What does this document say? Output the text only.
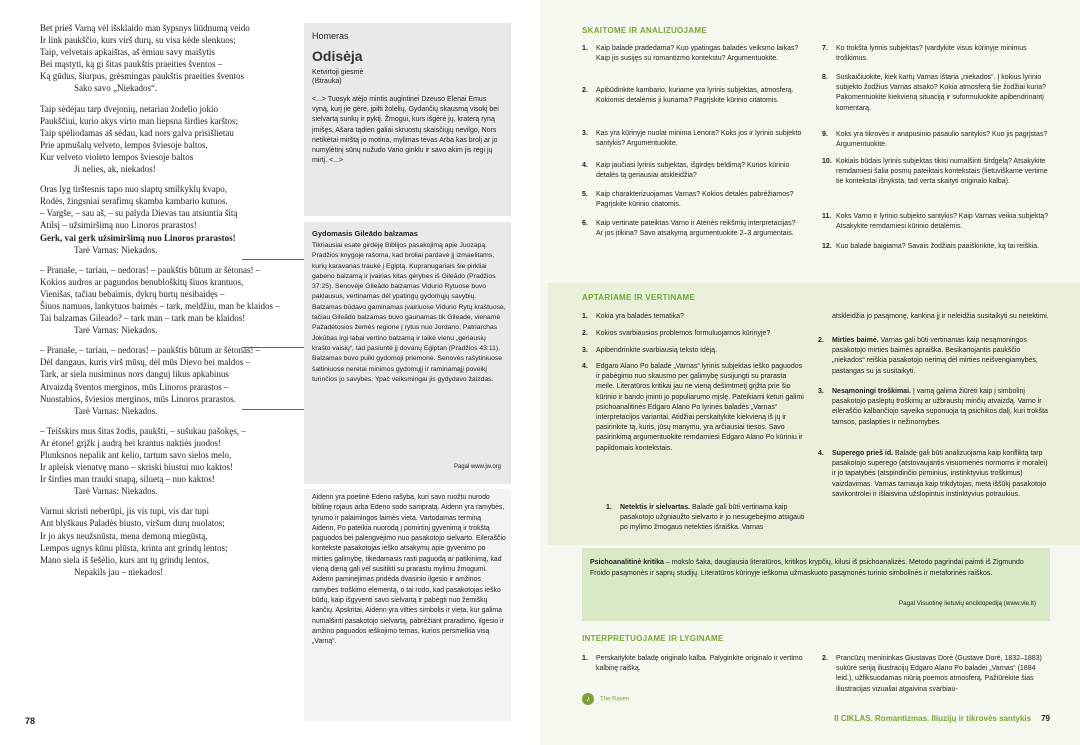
Bet prieš Varną vėl išsklaido man šypsnys liūdnumą veido
Ir link paukščio, kurs virš durų, su visa kėde slenkuos;
Taip, velvetais apkaištas, aš ėmiau savy maišytis
Bei mąstyti, ką gi šitas paukštis praeities šventos –
Ką gūdus, šiurpus, grėsmingas paukštis praeities šventos
Sako savo „Niekados“.
Taip sėdėjau tarp dvejonių, netariau žodelio jokio
Paukščiui, kurio akys virto man liepsna širdies karštos;
Taip spėliodamas aš sėdau, kad nors galva prisišlietau
Prie apmušalų velveto, lempos šviesoje baltos,
Kur velveto violeto lempos šviesoje baltos
Ji nelies, ak, niekados!
Oras lyg tirštesnis tapo nuo slaptų smilkyklų kvapo,
Rodės, žingsniai serafimų skamba kambario kutuos.
– Vargše, – sau aš, – su palyda Dievas tau atsiuntia šitą
Atilsį – užsimiršimą nuo Linoros prarastos!
Gerk, vai gerk užsimiršimą nuo Linoros prarastos!
Tarė Varnas: Niekados.
– Pranaše, – tariau, – nedoras! – paukštis būtum ar šėtonas! –
Kokios audros ar pagundos benubloškitų šiuos krantuos,
Vienišas, tačiau bebaimis, dykrų burtų nesibaidęs –
Šiuos namuos, lankytuos baimės – tark, meldžiu, man be klaidos –
Tai balzamas Gileado? – tark man – tark man be klaidos!
Tarė Varnas: Niekados.
– Pranaše, – tariau, – nedoras! – paukštis būtum ar šėtonas! –
Dėl dangaus, kuris virš mūsų, dėl mūs Dievo bei maldos –
Tark, ar siela nusiminus nors danguj likus apkabinus
Atvaizdą šventos merginos, mūs Linoros prarastos –
Nuostabios, šviesios merginos, mūs Linoros prarastos.
Tarė Varnas: Niekados.
– Teišskirs mus šitas žodis, paukšti, – sušukau pašokęs, –
Ar ėtone! grįžk į audrą bei krantus naktiės juodos!
Plunksnos nepalik ant kelio, tartum savo sielos melo,
Ir apleisk vienatvę mano – skriski biustui nuo kaktos!
Ir širdies man trauki snapą, siluetą – nuo kaktos!
Tarė Varnas: Niekados.
Varnui skristi neberūpi, jis vis tupi, vis dar tupi
Ant blyškaus Paladės biusto, viršum durų nuolatos;
Ir jo akys neužsnūsta, mena demoną miegūstą,
Lempos ugnys kūnu plūsta, krinta ant grindų lentos;
Mano siela iš šešėlio, kurs ant tų grindų lentos,
Nepakils jau – niekados!
Homeras
Odisėja
Ketvirtoji giesmė
(Ištrauka)
<...> Tuosyk atėjo mintis augintinei Dzeuso Elenai Emus vyną, kurį jie gėrė, įpilti žolelių, Gydančių skausmą visokį bei sielvartą sunkų ir pyktį. Žmogui, kurs išgėrė jų, kraterą ryną įmišęs, Ašara tądien galiai skruostų skaisčiųjų nevilgo, Nors netikėtai mirštą jo motina, mylimas tėvas Arba kas brolį ar jo numylėtinį sūnų nužudo Vario ginklu ir savo akim jis regi jų mirtį. <...>
Gydomasis Gileādo balzamas
Tikriausiai esate girdėję Biblijos pasakojimą apie Juozapą. Pradžios knygoje rašoma, kad broliai pardavė jį izmaelitams, kurių karavanas traukė į Egiptą. Kupranugariais šie pirkliai gabeno balzamą ir įvairias kitas gėrybes iš Gileādo (Pradžios 37:25). Senovėje Gileādo balzamas Vidurio Rytuose buvo paklausus, vertinamas dėl ypatingų gydomųjų savybių. Balzamas būdavo gaminamas įvairiuose Vidurio Rytų kraštuose, tačiau Gileādo balzamas buvo gaunamas tik Gileade, vienamė Pažadėtosios žemės regione į rytus nuo Jordano. Patriarchas Jokūbas irgi labai vertino balzamą ir laikė vienu „geriausių krašto vaisių“, tad pasiuntė jį dovanų Egiptan (Pradžios 43:11). Balzamas buvo puiki gydomoji priemonė. Senovės rašytiniuose šaltiniuose neretai minimos gydomųjį ir raminamąjį poveikį turinčios jo savybės. Ypač veiksmingai jis gydydavo žaizdas.
Pagal www.jw.org
Aidenn yra poetinė Edeno rašyba, kuri savo ruožtu nurodo biblinę rojaus arba Edeno sodo sampratą. Aidenn yra ramybės, tyrumo ir palaimingos laimės vieta. Vartodamas terminą Aidenn, Po pateikia nuorodą į pomirtinį gyvenimą ir trokštą paguodos bei palengvėjimo nuo pasakotojo sielvarto. Eileraščio kontekste pasakotojas ieško atsakymų apie gyvenimo po mirties galimybę, tikėdamasis rasti paguodą ar patikinimą, kad vieną dieną gali vėl susitikti su prarastu mylimu žmogumi. Aidenn paminėjimas pridėda dvasinio ilgesio ir amžinos ramybės troškimo elementą, o tai rodo, kad pasakotojas ieško būdų, kaip išgyventi savo sielvartą ir pabėgti nuo žemiškų kančių. Apskritai, Aidenn yra vilties simbolis ir vieta, kur galima numalšinti pasakotojo sielvartą, pabrėžiant praradimo, ilgesio ir amžino paguodos ieškojimo temas, kurios persmelkia visą „Varną“.
78
SKAITOME IR ANALIZUOJAME
1.	Kaip baladė pradedama? Kuo ypatingas baladės veiksmo laikas? Kaip jis susijęs su romantizmo kontekstu? Argumentuokite.
2.	Apibūdinkite kambario, kuriame yra lyrinis subjektas, atmosferą. Kokiomis detalėmis ji kuriama? Pagrįskite kūrinio citatomis.
3.	Kas yra kūrinyje nuolat minima Lenora? Koks jos ir lyrinio subjekto santykis? Argumentuokite.
4.	Kaip jaučiasi lyrinis subjektas, išgirdęs beldimą? Kurios kūrinio detalės tą geriausiai atskleidžia?
5.	Kaip charakterizuojamas Varnas? Kokios detalės pabrėžiamos? Pagrįskite kūrinio citatomis.
6.	Kaip vertinate pateiktas Varno ir Atėnės reikšmių interpretacijas? Ar jos įtikina? Savo atsakymą argumentuokite 2–3 argumentais.
7.	Ko trokšta lyrinis subjektas? Įvardykite visus kūrinyje minimus troškimus.
8.	Suskaičiuokite, kiek kartų Varnas ištaria „niekados“. Į kokius lyrinio subjekto žodžius Varnas atsako? Kokia atmosferą šie žodžiai kuria? Pakomentuokite kiekvieną situaciją ir suformuluokite apibendrinantį komentarą.
9.	Koks yra tikrovės ir anapusinio pasaulio santykis? Kuo jis pagrįstas? Argumentuokite.
10. Kokiais būdais lyrinis subjektas tikisi numalšinti širdgėlą? Atsakykite remdamiesi šalia posmų pateiktais kontekstais (lietuviškame vertime tie kontekstai išnyksta, tad verta skaityti originalo kalba).
11. Koks Varno ir lyrinio subjekto santykis? Kaip Varnas veikia subjektą? Atsakykite remdamiesi kūrinio detalėmis.
12. Kuo baladė baigiama? Savais žodžiais paaiškinkite, ką tai reiškia.
APTARIAME IR VERTINAME
1.	Kokia yra baladės tematika?
2.	Kokios svarbiausios problemos formuluojamos kūrinyje?
3.	Apibendrinkite svarbiausią teksto idėją.
4.	Edgaro Alano Po baladė „Varnas“ lyrinis subjektas ieško paguodos ir pabėgimo nuo skausmo per galimybę susijungti su prarasta meile. Literatūros kritikai jau ne vieną dešimtmetį grįžta prie šio kūrinio ir bando įminti jo populiarumo mįslę. Pateikiami keturi galimi psichoanalitinės Edgaro Alano Po lyrinės baladės „Varnas“ interpretacijos variantai. Atidžiai perskaitykite kiekvieną iš jų ir pasirinkite tą, kuris, jūsų manymu, yra arčiausiai tiesos. Savo pasirinkimą argumentuokite remdamiesi Edgaro Alano Po kūriniu ir papildomais kontekstais.
1.	Netektis ir sielvartas. Baladė gali būti vertinama kaip pasakotojo užgniaužto sielvarto ir jo nesugebėjimo atsigauti po mylimo žmogaus netekties išraiška. Varnas
atskleidžia jo pasąmonę, kankina jį ir neleidžia susitaikyti su netektimi.
2.	Mirties baimė. Varnas gali būti vertinamas kaip nesąmoningos pasakotojo mirties baimės apraiška. Besikartojantis paukščio „niekados“ reiškia pasakotojo nerimą dėl mirties neišvengiamybės, pastangas su ja susitaikyti.
3.	Nesąmoningi troškimai. Į varną galima žiūrėti kaip į simbolinį pasakotojo paslėptų troškimų ar užbraustų minčių atvaizdą. Varno ir eilėraščio kalbančiojo sąveika suponuoja tą psichikos dalį, kuri trokšta tamsos, paslapties ir nežinomybės.
4.	Superego prieš id. Baladę gali būti analizuojama kaip konfliktą tarp pasakotojo superego (atstovaujantis visuomenės normoms ir moralei) ir jo tapatybės (atspindinčio pirminius, instinktyvius troškimus) vaizdavimas. Varnas tarnauja kaip trikdytojas, meta iššūkį pasakotojo savikontrolei ir išlaisvina užslopintus instinktyvius potraukius.
Psichoanalitinė kritika – mokslo šaka, daugiausia literatūros, kritikos krypčių, kilusi iš psichoanalizės. Metodo pagrindai paimti iš Zigmundo Froido pasąmonės ir sapnų studijų. Literatūros kūrinyje ieškoma užmaskuoto pasąmonės turinio simbolinės ir metaforinės raiškos.
Pagal Visuotinę lietuvių enciklopediją (www.vle.lt)
INTERPRETUOJAME IR LYGINAME
1.	Perskaitykite baladę originalo kalba. Palyginkite originalo ir vertimo kalbinę raišką.
2.	Prancūzų menininkas Giustavas Dorė (Gustave Doré, 1832–1883) sukūrė seriją iliustracijų Edgaro Alano Po baladei „Varnas“ (1884 leid.), užfiksuodamas niūrią poemos atmosferą. Pažiūrėkite šias iliustracijas vizualiai atgaivina svarbiau-
♪ The Raven
II CIKLAS. Romantizmas. Iliuzijų ir tikrovės santykis 79
